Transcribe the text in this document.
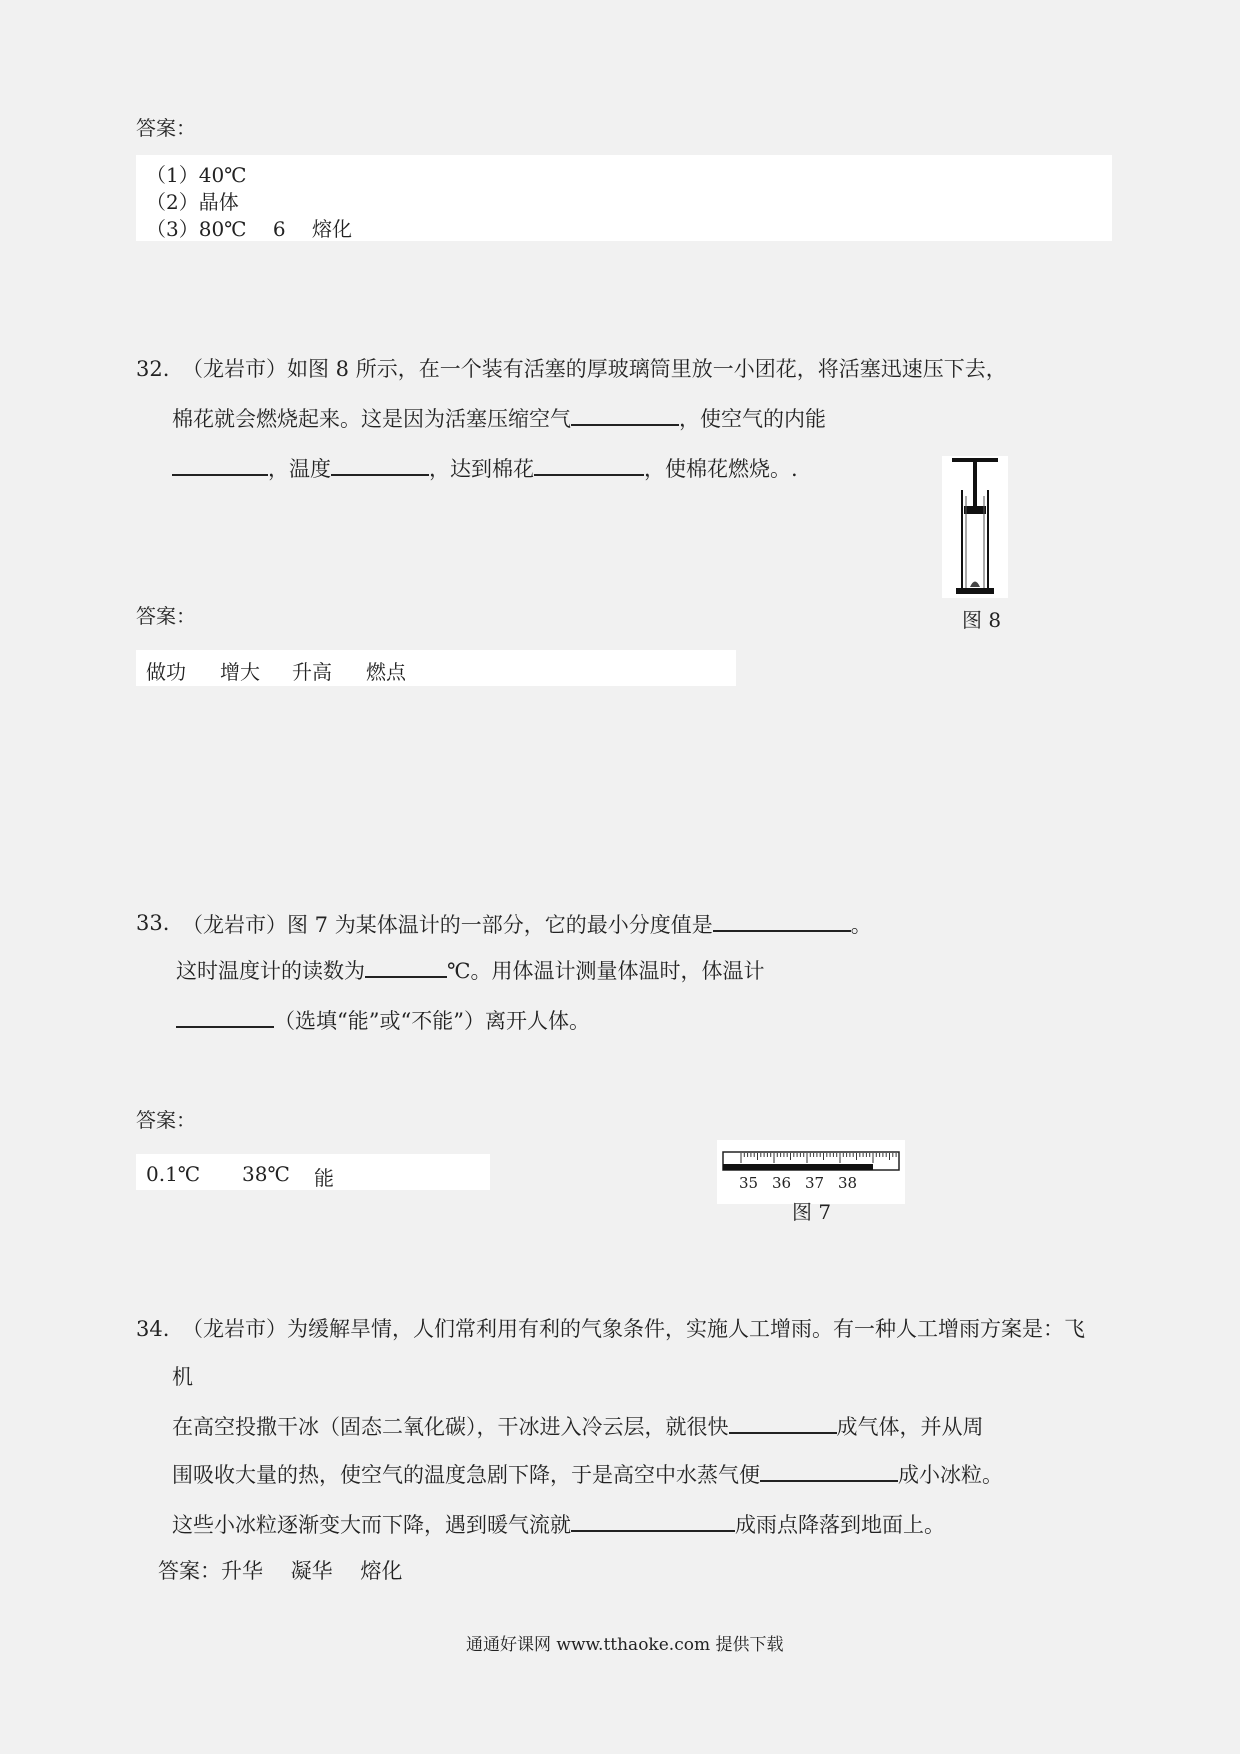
答案：
（1）40℃
（2）晶体
（3）80℃　 6　 熔化
32. （龙岩市）如图 8 所示，在一个装有活塞的厚玻璃筒里放一小团花，将活塞迅速压下去，
棉花就会燃烧起来。这是因为活塞压缩空气	，使空气的内能
，温度	，达到棉花	，使棉花燃烧。.
图 8
答案：
做功 增大 升高 燃点
33. （龙岩市）图 7 为某体温计的一部分，它的最小分度值是	。
这时温度计的读数为	℃。用体温计测量体温时，体温计
（选填“能”或“不能”）离开人体。
答案：
0.1℃ 38℃ 能	35 36 37 38
图 7
34. （龙岩市）为缓解旱情，人们常利用有利的气象条件，实施人工增雨。有一种人工增雨方案是：飞
机
在高空投撒干冰（固态二氧化碳），干冰进入冷云层，就很快	成气体，并从周
围吸收大量的热，使空气的温度急剧下降，于是高空中水蒸气便	成小冰粒。
这些小冰粒逐渐变大而下降，遇到暖气流就	成雨点降落到地面上。
答案：升华　 凝华　 熔化
通通好课网 www.tthaoke.com 提供下载
